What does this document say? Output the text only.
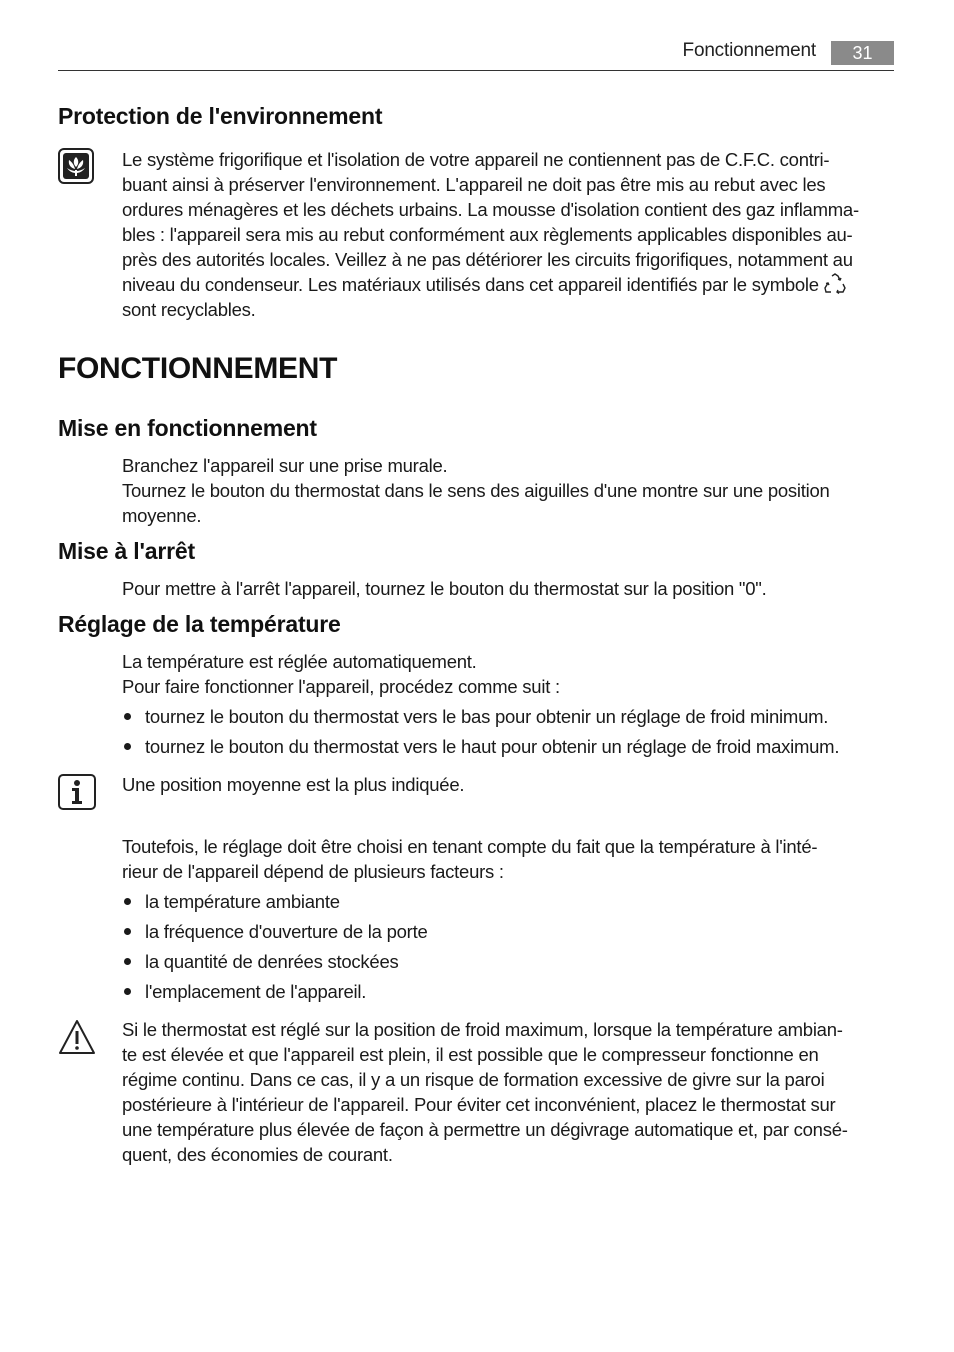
Fonctionnement	31
Protection de l'environnement
Le système frigorifique et l'isolation de votre appareil ne contiennent pas de C.F.C. contri-
buant ainsi à préserver l'environnement. L'appareil ne doit pas être mis au rebut avec les
ordures ménagères et les déchets urbains. La mousse d'isolation contient des gaz inflamma-
bles : l'appareil sera mis au rebut conformément aux règlements applicables disponibles au-
près des autorités locales. Veillez à ne pas détériorer les circuits frigorifiques, notamment au
niveau du condenseur. Les matériaux utilisés dans cet appareil identifiés par le symbole
sont recyclables.
FONCTIONNEMENT
Mise en fonctionnement
Branchez l'appareil sur une prise murale.
Tournez le bouton du thermostat dans le sens des aiguilles d'une montre sur une position
moyenne.
Mise à l'arrêt
Pour mettre à l'arrêt l'appareil, tournez le bouton du thermostat sur la position "0".
Réglage de la température
La température est réglée automatiquement.
Pour faire fonctionner l'appareil, procédez comme suit :
tournez le bouton du thermostat vers le bas pour obtenir un réglage de froid minimum.
tournez le bouton du thermostat vers le haut pour obtenir un réglage de froid maximum.
Une position moyenne est la plus indiquée.
Toutefois, le réglage doit être choisi en tenant compte du fait que la température à l'inté-
rieur de l'appareil dépend de plusieurs facteurs :
la température ambiante
la fréquence d'ouverture de la porte
la quantité de denrées stockées
l'emplacement de l'appareil.
Si le thermostat est réglé sur la position de froid maximum, lorsque la température ambian-
te est élevée et que l'appareil est plein, il est possible que le compresseur fonctionne en
régime continu. Dans ce cas, il y a un risque de formation excessive de givre sur la paroi
postérieure à l'intérieur de l'appareil. Pour éviter cet inconvénient, placez le thermostat sur
une température plus élevée de façon à permettre un dégivrage automatique et, par consé-
quent, des économies de courant.
